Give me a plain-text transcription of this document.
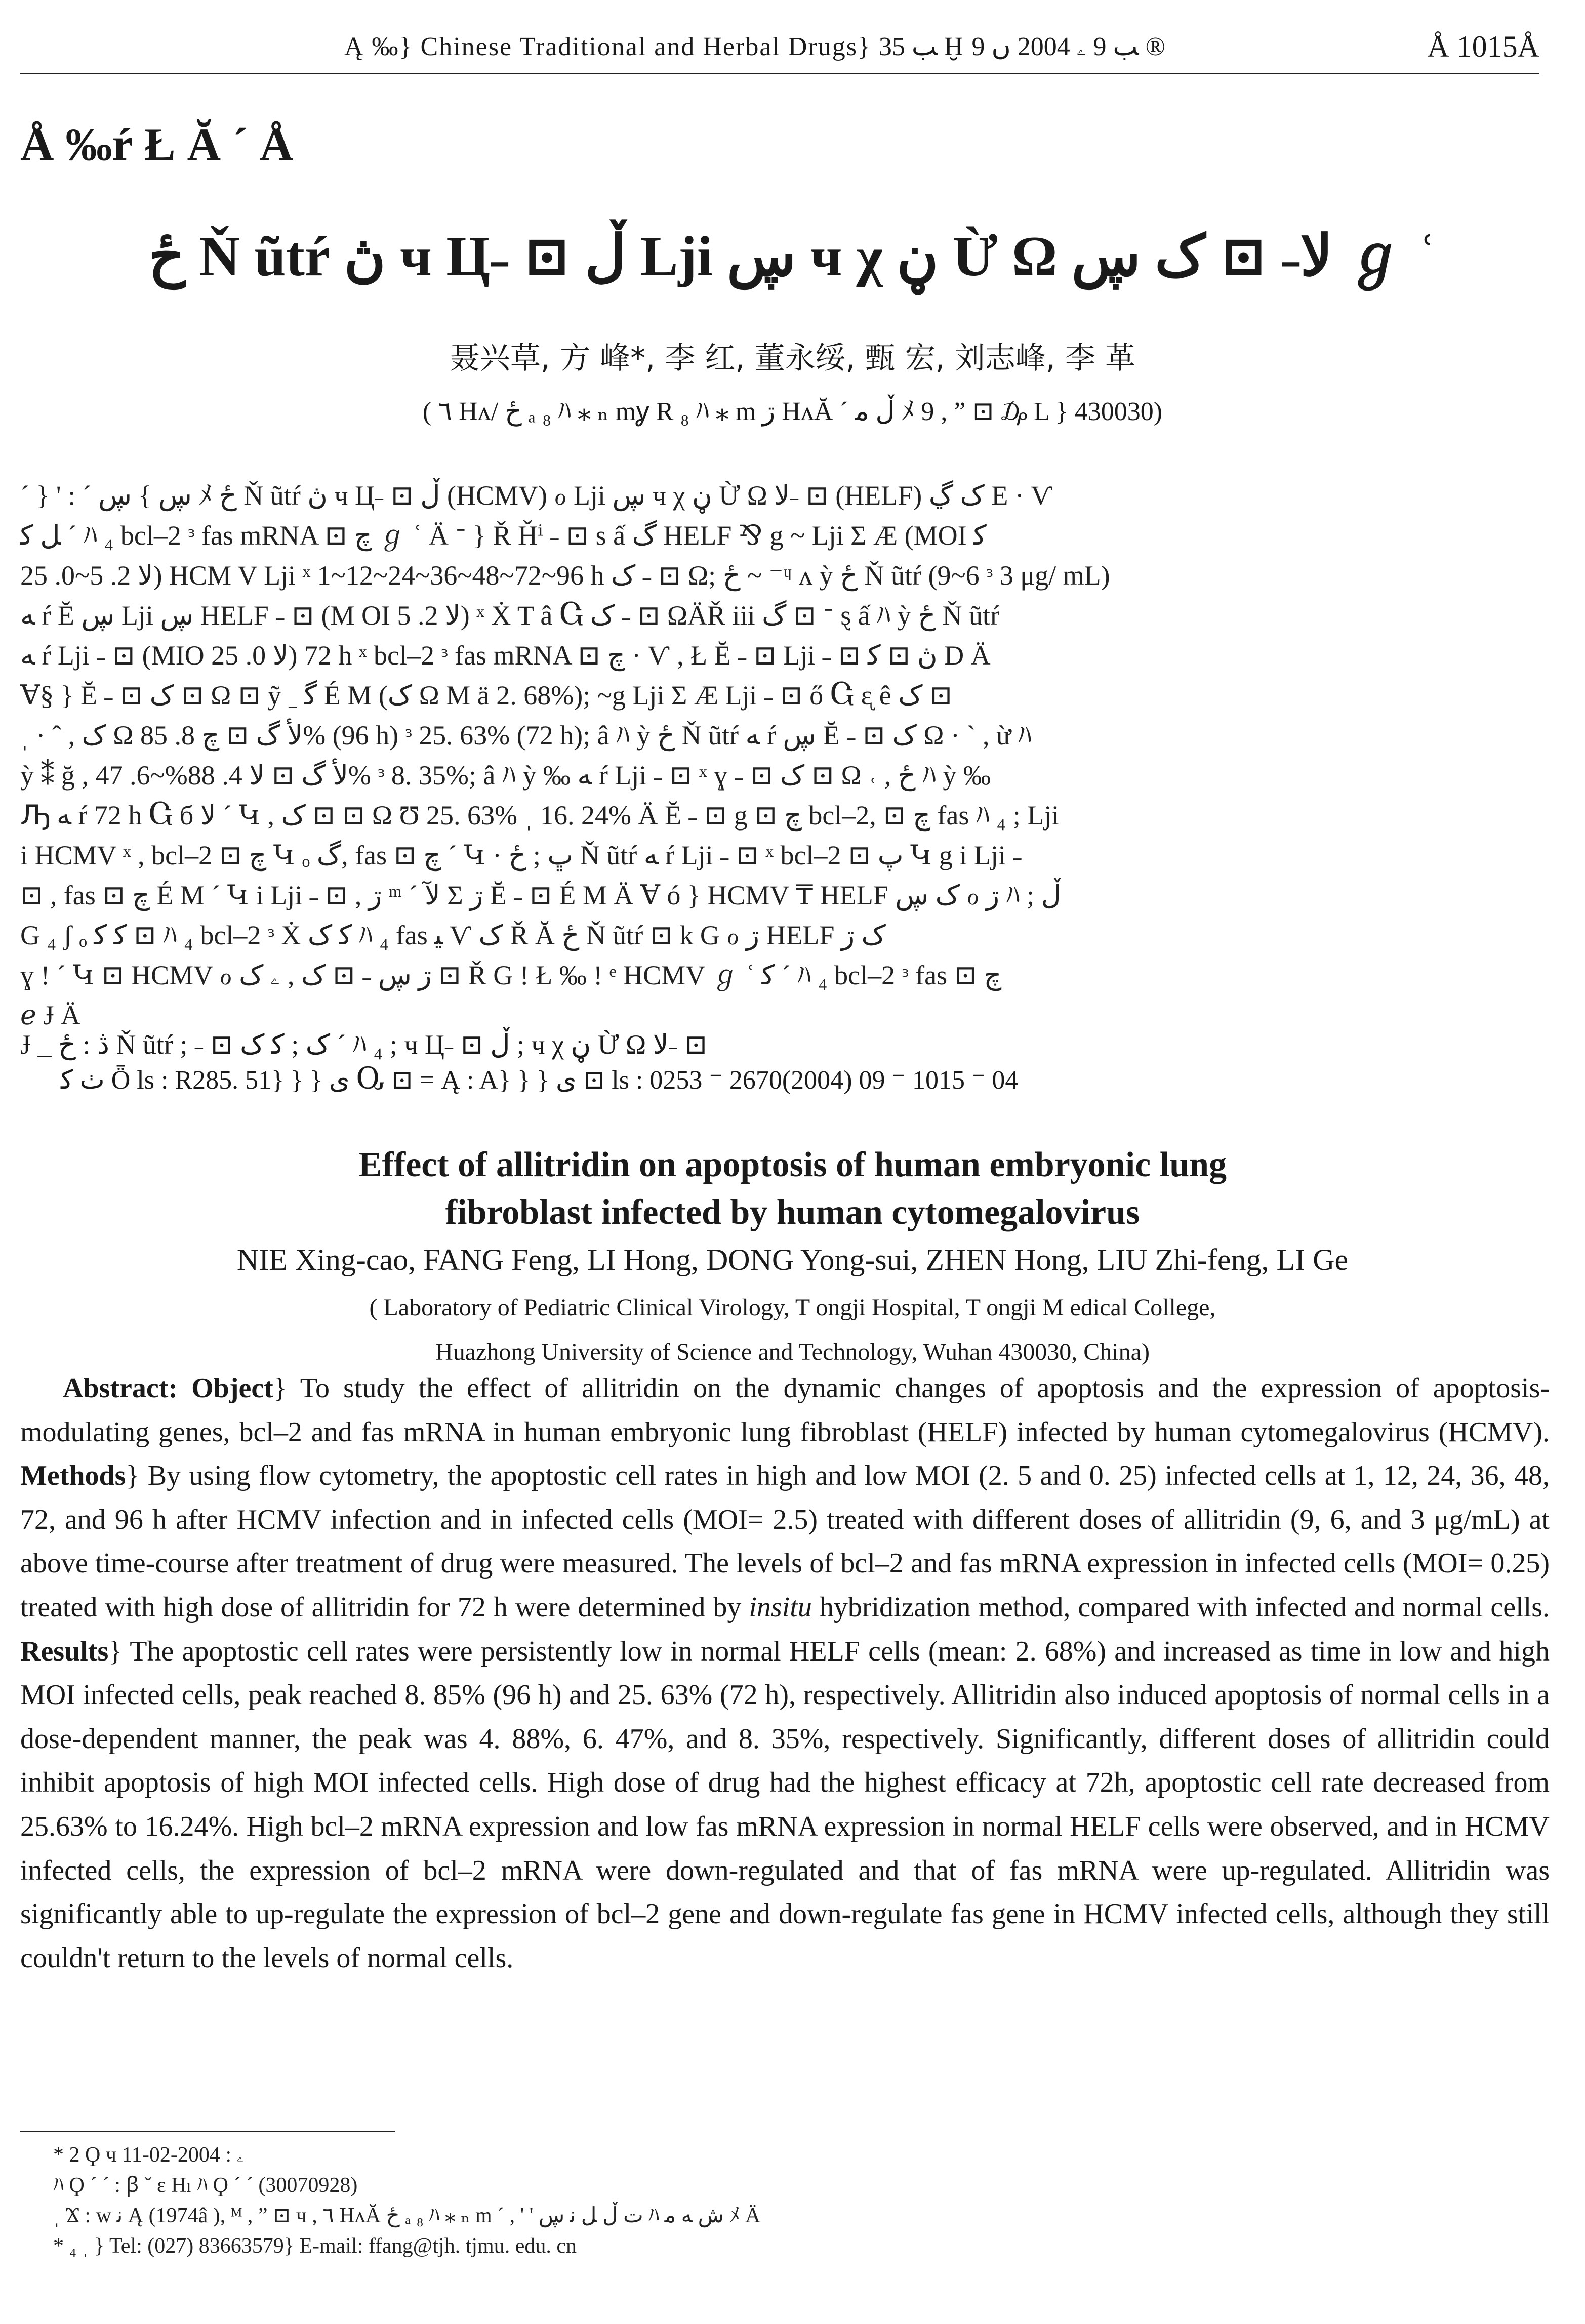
Ą ‰} Chinese Traditional and Herbal Drugs} ﺐ 35 Ḫ ﺐ 9 ۦ 2004 ں 9 ®	Å 1015Å
Å ‰ŕ Ł Ă ˊ Å
ځ Ň ũtŕ ڽ ч Ц˗ ⊡ ڵ ǈi ڛ ч χ ڼ Ừ Ω ﻻ˗ ⊡ ﮎ ڛ ℊ ʿ
聂兴草, 方 峰*, 李 红, 董永绥, 甄 宏, 刘志峰, 李 革
( ٦ Hʌ/ ځ ₐ ₈ ﾊ ⁎ ₙ mỿ R ₈ ﾊ ⁎ m ڗ HʌĂ ˊ ڵ ﻣ ﾒ 9 , ” ⊡ ₯ L } 430030)
ˊ } ' : ˊ ڛ } ڛ ﾒ ځ Ň ũtŕ ڽ ч Ц˗ ⊡ ڵ (HCMV) ℴ ǈi ڛ ч χ ڼ Ừ Ω ﻻ˗ ⊡ (HELF) ﮎ ڲ E · Ѵ
ﻞ ﮐ ˊ ﾊ ₄ bcl–2 ᵌ fas mRNA ⊡ ﭺ ℊ ʿ Ä ᐨ } Ř Ȟⁱ ˗ ⊡ s ấ ﮒ HELF ⅋ g ~ ǈi Σ Æ (MOI ﮐ
ﻻ 2. 5~0. 25) HCM V ǈi ˣ 1~12~24~36~48~72~96 h ﮎ ˗ ⊡ Ω; ځ ~ ⁻ᶣ ʌ ỳ ځ Ň ũtŕ (9~6 ᵌ 3 μg/ mL)
ﻪ ŕ Ĕ ڛ ǈi ڛ HELF ˗ ⊡ (M OI ﻻ 2. 5) ˣ Ẋ T â Ⴚ ﮎ ˗ ⊡ ΩÄŘ iii ﮒ ⊡ ᐨ ȿ ấ ﾊ ỳ ځ Ň ũtŕ
ﻪ ŕ ǈi ˗ ⊡ (MIO ﻻ 0. 25) 72 h ˣ bcl–2 ᵌ fas mRNA ⊡ ﭺ · Ѵ , Ł Ĕ ˗ ⊡ ǈi ˗ ⊡ ڽ ⊡ ﮐ D Ä
Ɐ§ } Ĕ ˗ ⊡ ﮎ ⊡ Ω ⊡ ỹ ˍ ﮔ É M (ﮎ Ω M ä 2. 68%); ~g ǈi Σ Æ ǈi ˗ ⊡ ő Ⴚ ᶓ ê ﮎ ⊡
ˌ · ˆ , ﮎ Ω ﻷ ﮒ ⊡ ﭺ 8. 85% (96 h) ᵌ 25. 63% (72 h); â ﾊ ỳ ځ Ň ũtŕ ﻪ ŕ ڛ Ĕ ˗ ⊡ ﮎ Ω · ˋ , ừ ﾊ
ỳ ⁑ ğ , ﻷ ﮒ ⊡ ﻻ 4. 88%~6. 47% ᵌ 8. 35%; â ﾊ ỳ ‰ ﻪ ŕ ǈi ˗ ⊡ ˣ ɣ ˗ ⊡ ﮎ ⊡ Ω ˓ , ځ ﾊ ỳ ‰
Ԡ ﻪ ŕ 72 h Ⴚ б ﻻ ˊ Կ , ﮎ ⊡ ⊡ Ω Ʊ 25. 63% ˌ 16. 24% Ä Ĕ ˗ ⊡ g ⊡ ﭺ bcl–2, ⊡ ﭺ fas ﾊ ₄ ; ǈi
i HCMV ˣ , bcl–2 ⊡ ﭺ Կ ₒ ﮒ, fas ⊡ ﭺ ˊ Կ · ڀ ; ځ Ň ũtŕ ﻪ ŕ ǈi ˗ ⊡ ˣ bcl–2 ⊡ ﭖ Կ g i ǈi ˗
⊡ , fas ⊡ ﭺ É M ˊ Կ i ǈi ˗ ⊡ , ڗ ᵐ ˊ ﻵ Σ ڗ Ĕ ˗ ⊡ É M Ä Ɐ ó } HCMV ₸ HELF ﮎ ڛ ℴ ڗ ﾊ ; ڵ
G ₄ ʃ ₒ ﮐ ﮐ ⊡ ﾊ ₄ bcl–2 ᵌ Ẋ ﮐ ﮎ ﾊ ₄ fas ﻴ Ѵ ﮎ Ř Ă ځ Ň ũtŕ ⊡ k G ℴ ڗ HELF ﮎ ڗ
ɣ ! ˊ Կ ⊡ HCMV ℴ ڗ ڛ ˗ ⊡ ﮎ , ۦ ﮎ ⊡ Ř G ! Ł ‰ ! ᵉ HCMV ℊ ʿ ﮐ ˊ ﾊ ₄ bcl–2 ᵌ fas ⊡ ﭺ
ℯ Ɉ Ä
Ɉ _ ڎ : ځ Ň ũtŕ ; ˗ ⊡ ﮎ ; ﮐ ﮎ ˊ ﾊ ₄ ; ч Ц˗ ⊡ ڵ ; ч χ ڼ Ừ Ω ﻻ˗ ⊡
ٺ ﮐ Ȫ ls : R285. 51} } } ﯼ Ⴍ ⊡ = Ą : A} } } ﯼ ⊡ ls : 0253 ⁻ 2670(2004) 09 ⁻ 1015 ⁻ 04
Effect of allitridin on apoptosis of human embryonic lung
fibroblast infected by human cytomegalovirus
NIE Xing-cao, FANG Feng, LI Hong, DONG Yong-sui, ZHEN Hong, LIU Zhi-feng, LI Ge
( Laboratory of Pediatric Clinical Virology, T ongji Hospital, T ongji M edical College,
Huazhong University of Science and Technology, Wuhan 430030, China)

Abstract: Object} To study the effect of allitridin on the dynamic changes of apoptosis and the expression of apoptosis-modulating genes, bcl–2 and fas mRNA in human embryonic lung fibroblast (HELF) infected by human cytomegalovirus (HCMV). Methods} By using flow cytometry, the apoptostic cell rates in high and low MOI (2. 5 and 0. 25) infected cells at 1, 12, 24, 36, 48, 72, and 96 h after HCMV infection and in infected cells (MOI= 2.5) treated with different doses of allitridin (9, 6, and 3 μg/mL) at above time-course after treatment of drug were measured. The levels of bcl–2 and fas mRNA expression in infected cells (MOI= 0.25) treated with high dose of allitridin for 72 h were determined by insitu hybridization method, compared with infected and normal cells. Results} The apoptostic cell rates were persistently low in normal HELF cells (mean: 2. 68%) and increased as time in low and high MOI infected cells, peak reached 8. 85% (96 h) and 25. 63% (72 h), respectively. Allitridin also induced apoptosis of normal cells in a dose-dependent manner, the peak was 4. 88%, 6. 47%, and 8. 35%, respectively. Significantly, different doses of allitridin could inhibit apoptosis of high MOI infected cells. High dose of drug had the highest efficacy at 72h, apoptostic cell rate decreased from 25.63% to 16.24%. High bcl–2 mRNA expression and low fas mRNA expression in normal HELF cells were observed, and in HCMV infected cells, the expression of bcl–2 mRNA were down-regulated and that of fas mRNA were up-regulated. Allitridin was significantly able to up-regulate the expression of bcl–2 gene and down-regulate fas gene in HCMV infected cells, although they still couldn't return to the levels of normal cells.

* 2 Ϙ ч ۦ : 2004-02-11
ﾊ Ϙ ˊ ˊ : ꞵ ˇ ε Hₗ ﾊ Ϙ ˊ ˊ (30070928)
ˌ Ϫ : w ﻧ Ą (1974â ), ᴹ , ” ⊡ ч , ٦ HʌĂ ځ ₐ ₈ ﾊ ⁎ ₙ m ˊ , ' ' ت ڵ ﻞ ﻧ ڛ ﾊ ﺵ ﻪ ﻣ ﾒ Ä
* ₄ ˌ } Tel: (027) 83663579} E-mail: ffang@tjh. tjmu. edu. cn
